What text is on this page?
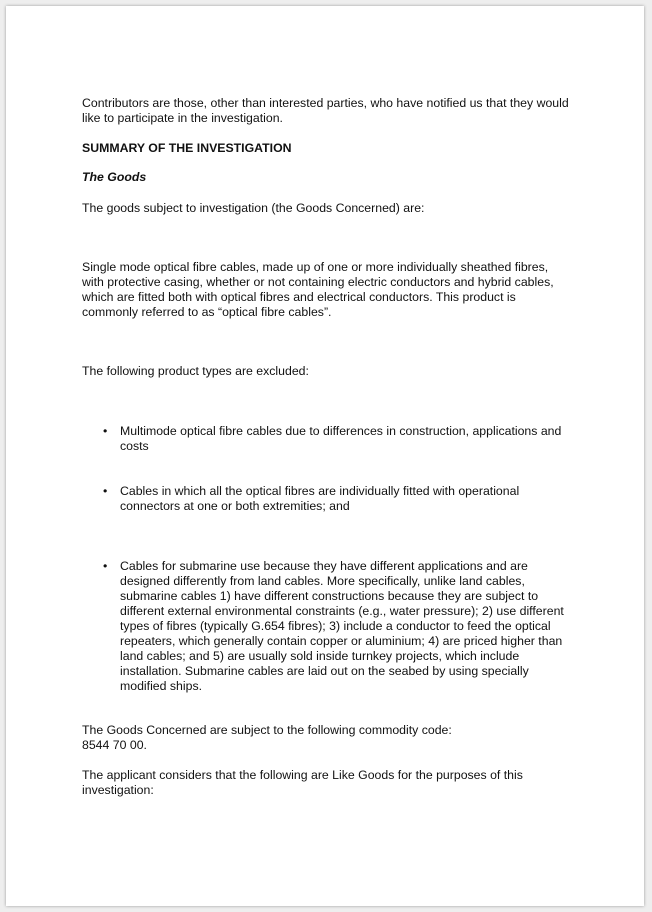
Contributors are those, other than interested parties, who have notified us that they would like to participate in the investigation.

SUMMARY OF THE INVESTIGATION

The Goods

The goods subject to investigation (the Goods Concerned) are:

Single mode optical fibre cables, made up of one or more individually sheathed fibres, with protective casing, whether or not containing electric conductors and hybrid cables, which are fitted both with optical fibres and electrical conductors. This product is commonly referred to as “optical fibre cables”.

The following product types are excluded:

•	Multimode optical fibre cables due to differences in construction, applications and costs

•	Cables in which all the optical fibres are individually fitted with operational connectors at one or both extremities; and

•	Cables for submarine use because they have different applications and are designed differently from land cables. More specifically, unlike land cables, submarine cables 1) have different constructions because they are subject to different external environmental constraints (e.g., water pressure); 2) use different types of fibres (typically G.654 fibres); 3) include a conductor to feed the optical repeaters, which generally contain copper or aluminium; 4) are priced higher than land cables; and 5) are usually sold inside turnkey projects, which include installation. Submarine cables are laid out on the seabed by using specially modified ships.

The Goods Concerned are subject to the following commodity code:

8544 70 00.

The applicant considers that the following are Like Goods for the purposes of this investigation:
